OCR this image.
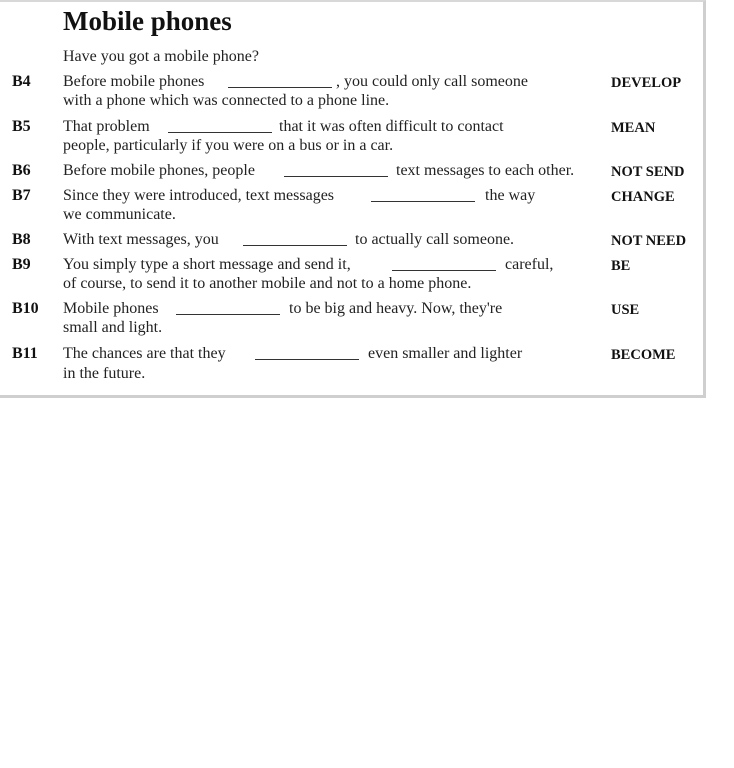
Mobile phones
Have you got a mobile phone?
B4 Before mobile phones	, you could only call someone
with a phone which was connected to a phone line.
DEVELOP
B5 That problem	that it was often difficult to contact
people, particularly if you were on a bus or in a car.
MEAN
B6 Before mobile phones, people	text messages to each other.	NOT SEND
B7 Since they were introduced, text messages	the way
we communicate.
CHANGE
B8 With text messages, you	to actually call someone.	NOT NEED
B9 You simply type a short message and send it,	careful,
of course, to send it to another mobile and not to a home phone.
BE
B10 Mobile phones	to be big and heavy. Now, they're
small and light.
USE
B11 The chances are that they	even smaller and lighter
in the future.
BECOME
